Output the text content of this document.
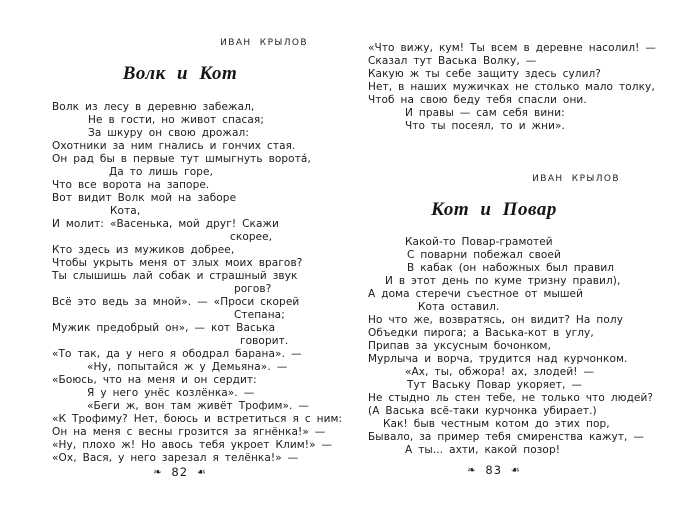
ИВАН КРЫЛОВ
Волк и Кот
Волк из лесу в деревню забежал,
Не в гости, но живот спасая;
За шкуру он свою дрожал:
Охотники за ним гнались и гончих стая.
Он рад бы в первые тут шмыгнуть ворота́,
Да то лишь горе,
Что все ворота на запоре.
Вот видит Волк мой на заборе
Кота,
И молит: «Васенька, мой друг! Скажи
скорее,
Кто здесь из мужиков добрее,
Чтобы укрыть меня от злых моих врагов?
Ты слышишь лай собак и страшный звук
рогов?
Всё это ведь за мной». — «Проси скорей
Степана;
Мужик предобрый он», — кот Васька
говорит.
«То так, да у него я ободрал барана». —
«Ну, попытайся ж у Демьяна». —
«Боюсь, что на меня и он сердит:
Я у него унёс козлёнка». —
«Беги ж, вон там живёт Трофим». —
«К Трофиму? Нет, боюсь и встретиться я с ним:
Он на меня с весны грозится за ягнёнка!» —
«Ну, плохо ж! Но авось тебя укроет Клим!» —
«Ох, Вася, у него зарезал я телёнка!» —
❧ 82 ☙
«Что вижу, кум! Ты всем в деревне насолил! —
Сказал тут Васька Волку, —
Какую ж ты себе защиту здесь сулил?
Нет, в наших мужичках не столько мало толку,
Чтоб на свою беду тебя спасли они.
И правы — сам себя вини:
Что ты посеял, то и жни».
ИВАН КРЫЛОВ
Кот и Повар
Какой-то Повар-грамотей
С поварни побежал своей
В кабак (он набожных был правил
И в этот день по куме тризну правил),
А дома стеречи съестное от мышей
Кота оставил.
Но что же, возвратясь, он видит? На полу
Объедки пирога; а Васька-кот в углу,
Припав за уксусным бочонком,
Мурлыча и ворча, трудится над курчонком.
«Ах, ты, обжора! ах, злодей! —
Тут Ваську Повар укоряет, —
Не стыдно ль стен тебе, не только что людей?
(А Васька всё-таки курчонка убирает.)
Как! быв честным котом до этих пор,
Бывало, за пример тебя смиренства кажут, —
А ты... ахти, какой позор!
❧ 83 ☙
